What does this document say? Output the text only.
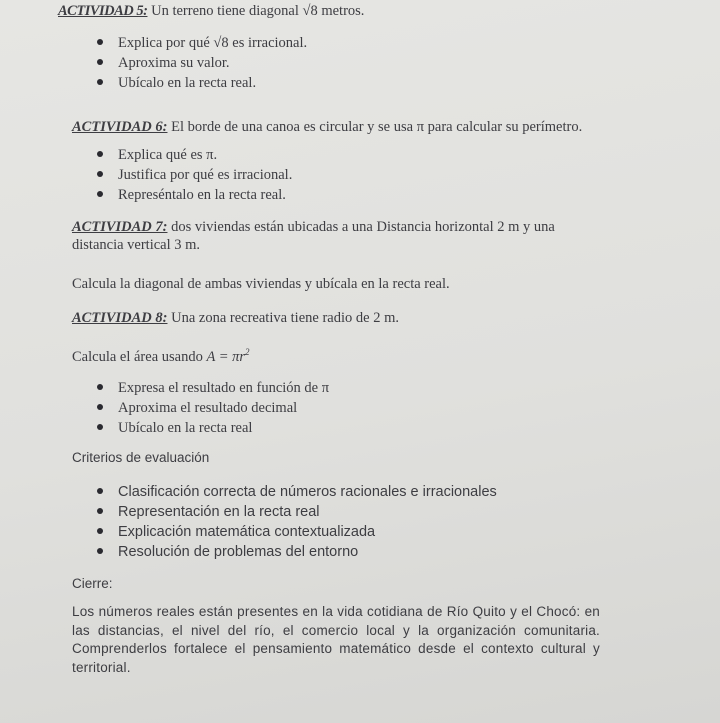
ACTIVIDAD 5: Un terreno tiene diagonal √8 metros.
Explica por qué √8 es irracional.
Aproxima su valor.
Ubícalo en la recta real.
ACTIVIDAD 6: El borde de una canoa es circular y se usa π para calcular su perímetro.
Explica qué es π.
Justifica por qué es irracional.
Represéntalo en la recta real.
ACTIVIDAD 7: dos viviendas están ubicadas a una Distancia horizontal 2 m y una
distancia vertical 3 m.
Calcula la diagonal de ambas viviendas y ubícala en la recta real.
ACTIVIDAD 8: Una zona recreativa tiene radio de 2 m.
Calcula el área usando $A = \pi r^2$
Expresa el resultado en función de π
Aproxima el resultado decimal
Ubícalo en la recta real
Criterios de evaluación
Clasificación correcta de números racionales e irracionales
Representación en la recta real
Explicación matemática contextualizada
Resolución de problemas del entorno
Cierre:
Los números reales están presentes en la vida cotidiana de Río Quito y el Chocó: en las distancias, el nivel del río, el comercio local y la organización comunitaria. Comprenderlos fortalece el pensamiento matemático desde el contexto cultural y territorial.
